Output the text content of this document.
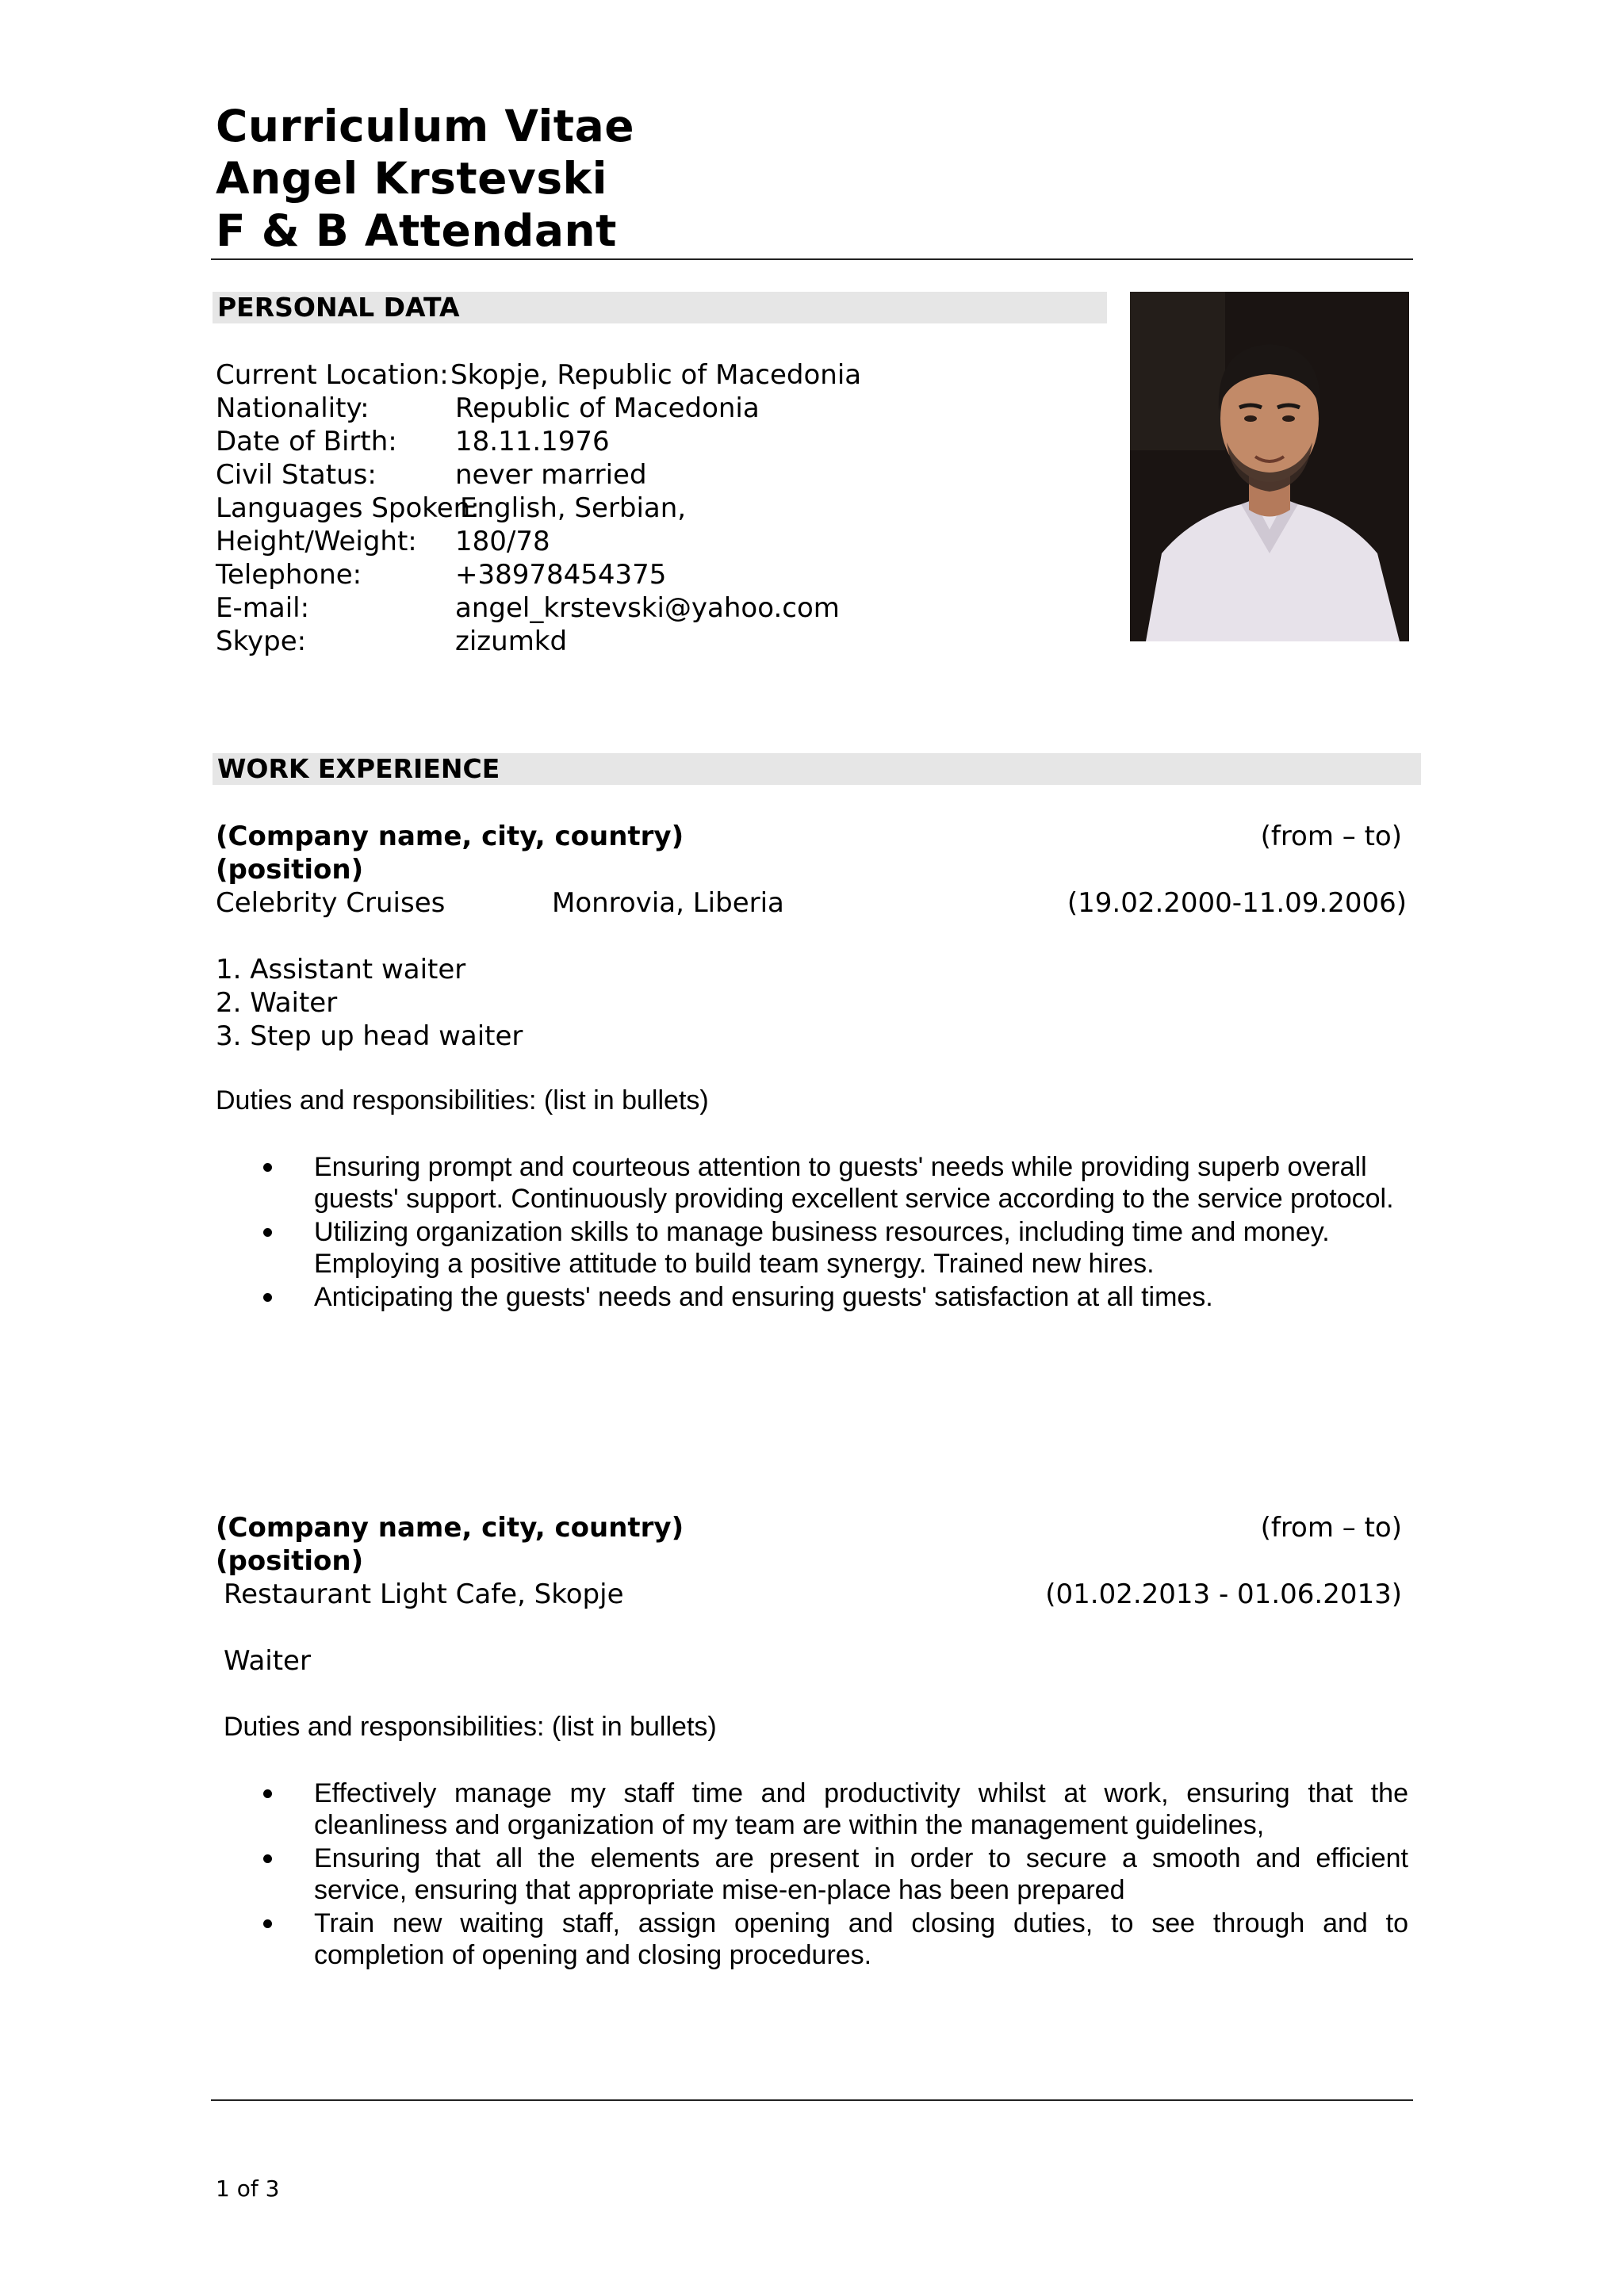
Curriculum Vitae
Angel Krstevski
F & B Attendant
PERSONAL DATA
Current Location: Skopje, Republic of Macedonia
Nationality:	Republic of Macedonia
Date of Birth: 18.11.1976
Civil Status:	never married
Languages Spoken:
English, Serbian,
Height/Weight: 180/78
Telephone:	+38978454375
E-mail:	angel_krstevski@yahoo.com
Skype:	zizumkd
WORK EXPERIENCE
(Company name, city, country)	(from – to)
(position)
Celebrity Cruises	Monrovia, Liberia	(19.02.2000-11.09.2006)
1. Assistant waiter
2. Waiter
3. Step up head waiter
Duties and responsibilities: (list in bullets)
Ensuring prompt and courteous attention to guests' needs while providing superb overall
guests' support. Continuously providing excellent service according to the service protocol.
Utilizing organization skills to manage business resources, including time and money.
Employing a positive attitude to build team synergy. Trained new hires.
Anticipating the guests' needs and ensuring guests' satisfaction at all times.
(Company name, city, country)	(from – to)
(position)
Restaurant Light Cafe, Skopje	(01.02.2013 - 01.06.2013)
Waiter
Duties and responsibilities: (list in bullets)
Effectively manage my staff time and productivity whilst at work, ensuring that the
cleanliness and organization of my team are within the management guidelines,
Ensuring that all the elements are present in order to secure a smooth and efficient
service, ensuring that appropriate mise-en-place has been prepared
Train new waiting staff, assign opening and closing duties, to see through and to
completion of opening and closing procedures.
1 of 3
